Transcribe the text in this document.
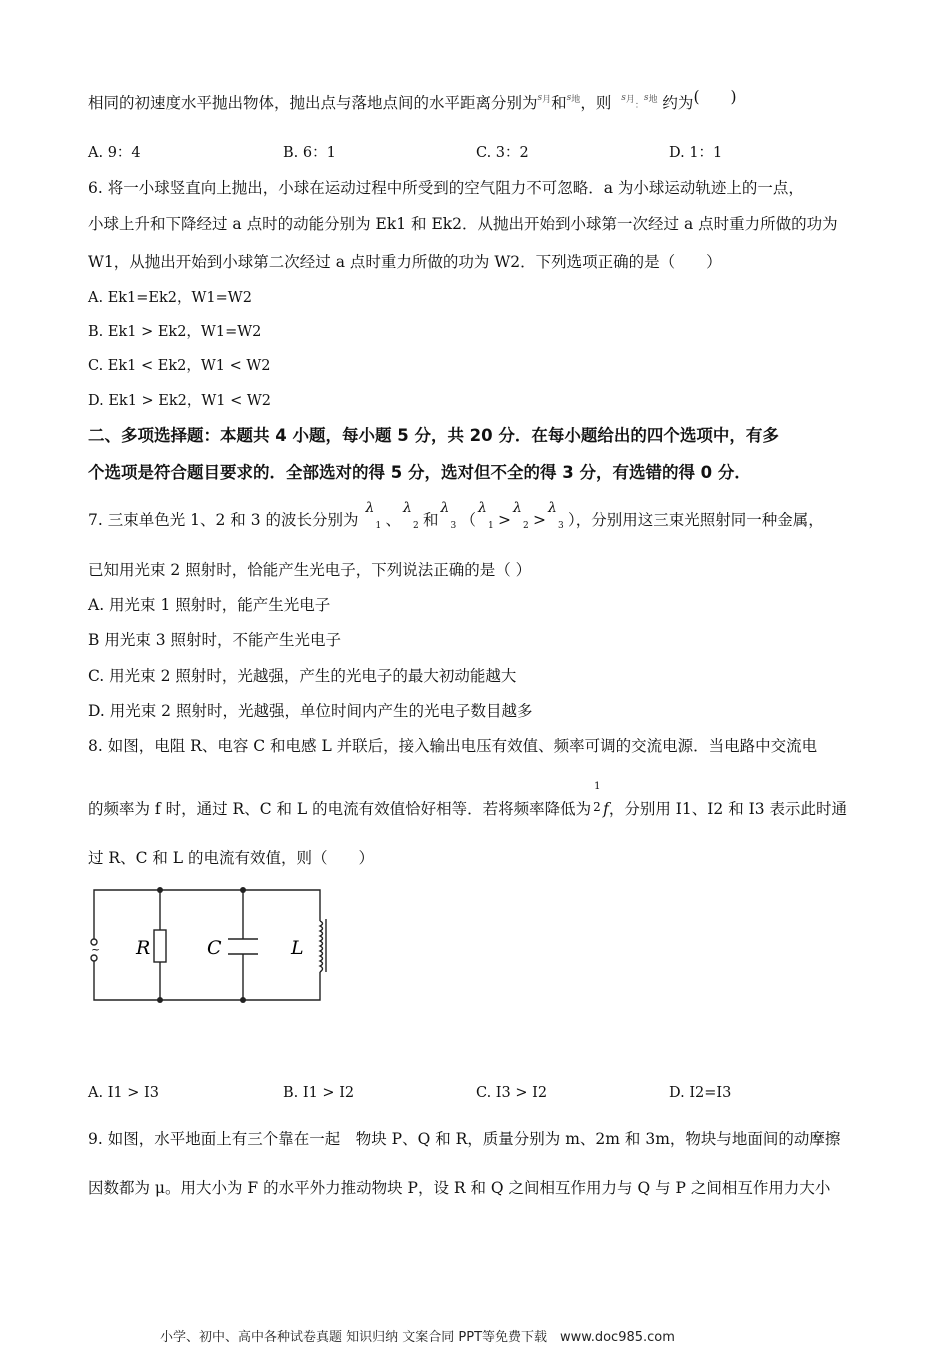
相同的初速度水平抛出物体，抛出点与落地点间的水平距离分别为$^{s月}$和$^{s地}$，则 $^{s月}$：$^{s地}$ 约为(　　)
A. 9：4	B. 6：1	C. 3：2	D. 1：1
6. 将一小球竖直向上抛出，小球在运动过程中所受到的空气阻力不可忽略．a 为小球运动轨迹上的一点，
小球上升和下降经过 a 点时的动能分别为 Ek1 和 Ek2．从抛出开始到小球第一次经过 a 点时重力所做的功为
W1，从抛出开始到小球第二次经过 a 点时重力所做的功为 W2．下列选项正确的是（　　）
A. Ek1=Ek2，W1=W2
B. Ek1 > Ek2，W1=W2
C. Ek1 < Ek2，W1 < W2
D. Ek1 > Ek2，W1 < W2
二、多项选择题：本题共 4 小题，每小题 5 分，共 20 分．在每小题给出的四个选项中，有多
个选项是符合题目要求的．全部选对的得 5 分，选对但不全的得 3 分，有选错的得 0 分．
7. 三束单色光 1、2 和 3 的波长分别为
λ
1 、
λ
2 和
λ
3 （
λ
1 >
λ
2 >
λ
3 ），分别用这三束光照射同一种金属，
已知用光束 2 照射时，恰能产生光电子，下列说法正确的是（ ）
A. 用光束 1 照射时，能产生光电子
B 用光束 3 照射时，不能产生光电子
C. 用光束 2 照射时，光越强，产生的光电子的最大初动能越大
D. 用光束 2 照射时，光越强，单位时间内产生的光电子数目越多
8. 如图，电阻 R、电容 C 和电感 L 并联后，接入输出电压有效值、频率可调的交流电源．当电路中交流电
的频率为 f 时，通过 R、C 和 L 的电流有效值恰好相等．若将频率降低为
1
2 f，分别用 I1、I2 和 I3 表示此时通
过 R、C 和 L 的电流有效值，则（　　）
~ R	C	L
A. I1 > I3	B. I1 > I2	C. I3 > I2	D. I2=I3
9. 如图，水平地面上有三个靠在一起　物块 P、Q 和 R，质量分别为 m、2m 和 3m，物块与地面间的动摩擦
因数都为 μ。用大小为 F 的水平外力推动物块 P，设 R 和 Q 之间相互作用力与 Q 与 P 之间相互作用力大小
小学、初中、高中各种试卷真题 知识归纳 文案合同 PPT等免费下载　www.doc985.com
